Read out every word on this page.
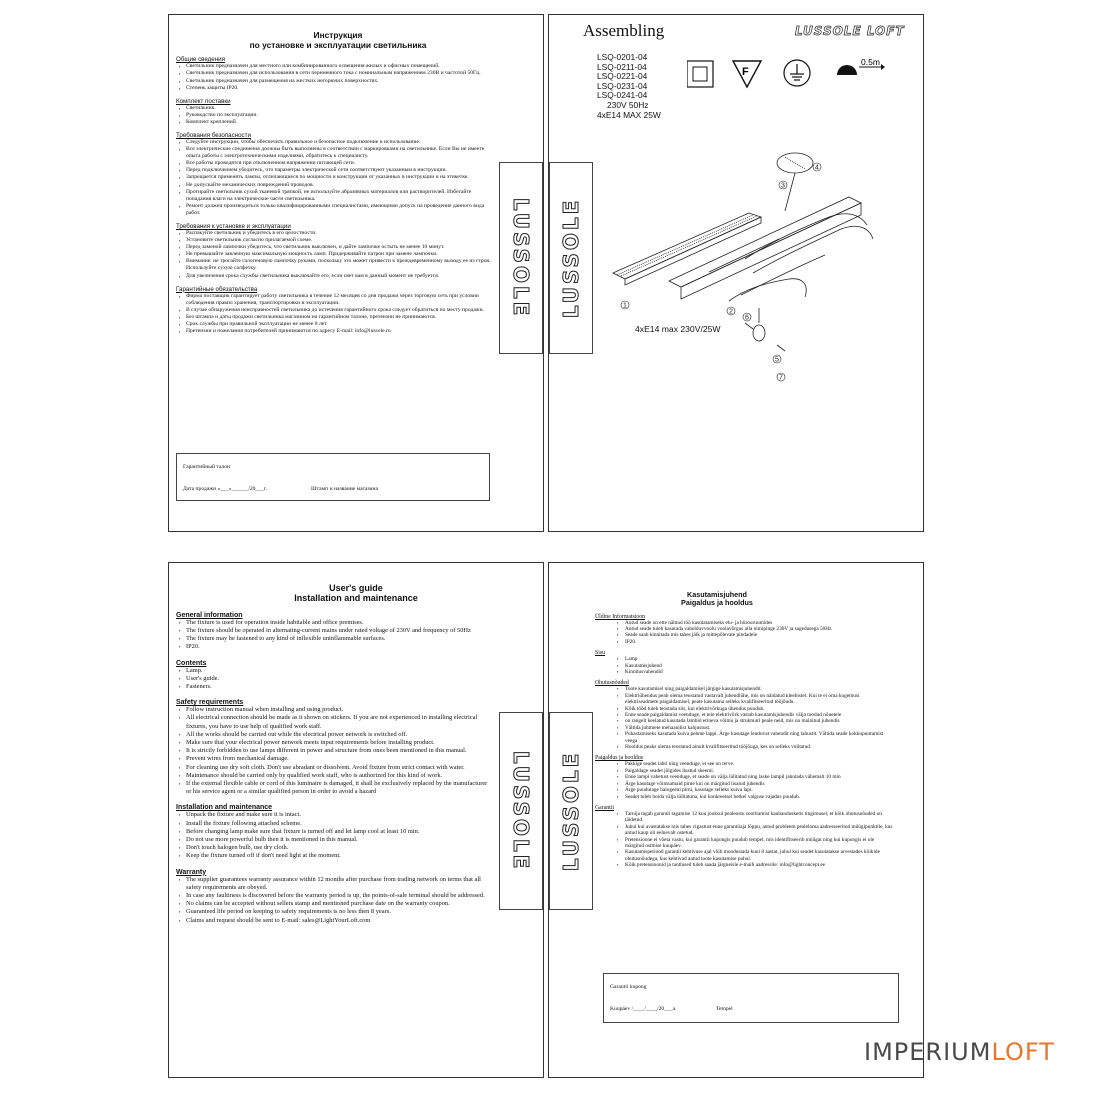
Инструкция
по установке и эксплуатации светильника
Общие сведения
▪ Светильник предназначен для местного или комбинированного освещения жилых и офисных помещений.
▪ Светильник предназначен для использования в сети переменного тока с номинальным напряжением 230В и частотой 50Гц.
▪ Светильник предназначен для размещения на жестких негорючих поверхностях.
▪ Степень защиты IP20.
Комплект поставки
▪ Светильник.
▪ Руководство по эксплуатации.
▪ Комплект креплений.
Требования безопасности
▪ Следуйте инструкции, чтобы обеспечить правильное и безопасное подключение и использование.
▪ Все электрические соединения должны быть выполнены в соответствии с маркировками на светильнике. Если Вы не имеете опыта работы с электротехническими изделиями, обратитесь к специалисту.
▪ Все работы проводятся при отключенном напряжении питающей сети.
▪ Перед подключением убедитесь, что параметры электрической сети соответствуют указанным в инструкции.
▪ Запрещается применять лампы, отличающиеся по мощности и конструкции от указанных в инструкции и на этикетке.
▪ Не допускайте механических повреждений проводов.
▪ Протирайте светильник сухой тканевой тряпкой, не используйте абразивных материалов или растворителей. Избегайте попадания влаги на электрические части светильника.
▪ Ремонт должен производиться только квалифицированными специалистами, имеющими допуск на проведение данного вида работ.
Требования к установке и эксплуатации
▪ Распакуйте светильник и убедитесь в его целостности.
▪ Установите светильник согласно прилагаемой схеме.
▪ Перед заменой лампочки убедитесь, что светильник выключен, и дайте лампочке остыть не менее 10 минут.
▪ Не превышайте завленную максимальную мощность ламп. Придерживайте патрон при замене лампочки.
▪ Внимание: не трогайте галогеновую лампочку руками, поскольку это может привести к преждевременному выходу ее из строя. Используйте сухую салфетку.
▪ Для увеличения срока службы светильника выключайте его, если свет вам в данный момент не требуется.
Гарантийные обязательства
▪ Фирма поставщик гарантирует работу светильника в течение 12 месяцев со дня продажи через торговую сеть при условии соблюдения правил хранения, транспортировки и эксплуатации.
▪ В случае обнаружения неисправностей светильника до истечения гарантийного срока следует обратиться по месту продажи.
▪ Без штампа и даты продажи светильника магазином на гарантийном талоне, претензии не принимаются.
▪ Срок службы при правильной эксплуатации не менее 8 лет.
▪ Претензии и пожелания потребителей принимаются по адресу E-mail: info@lussole.ru
Гарантийный талон
Дата продажи «___»______/20___г.	Штамп и название магазина
Assembling	LUSSOLE LOFT
LSQ-0201-04
LSQ-0211-04
LSQ-0221-04
LSQ-0231-04
LSQ-0241-04
230V 50Hz
4xE14 MAX 25W
F
0.5m
1
2
3
4
5
6
7
4xE14 max 230V/25W
User's guide
Installation and maintenance
General information
▪ The fixture is used for operation inside habitable and office premises.
▪ The fixture should be operated in alternating-current mains under rated voltage of 230V and frequency of 50Hz
▪ The fixture may be fastened to any kind of inflexible uninflammable surfaces.
▪ IP20.
Contents
▪ Lamp.
▪ User's guide.
▪ Fasteners.
Safety requirements
▪ Follow instruction manual when installing and using product.
▪ All electrical connection should be made as it shown on stickers. If you are not experienced in installing electrical fixtures, you have to use help of qualified work staff.
▪ All the works should be carried out while the electrical power network is switched off.
▪ Make sure that your electrical power network meets input requirements before installing product.
▪ It is strictly forbidden to use lamps different in power and structure from ones been mentioned in this manual.
▪ Prevent wires from mechanical damage.
▪ For cleaning use dry soft cloth. Don't use abradant or dissolvent. Avoid fixture from strict contact with water.
▪ Maintenance should be carried only by qualified work staff, who is authorized for this kind of work.
▪ If the external flexible cable or cord of this luminaire is damaged, it shall be exclusively replaced by the manufacturer or his service agent or a similar qualified person in order to avoid a hazard
Installation and maintenance
▪ Unpack the fixture and make sure it is intact.
▪ Install the fixture following attached scheme.
▪ Before changing lamp make sure that fixture is turned off and let lamp cool at least 10 min.
▪ Do not use more powerful bulb then it is mentioned in this manual.
▪ Don't touch halogen bulb, use dry cloth.
▪ Keep the fixture turned off if don't need light at the moment.
Warranty
▪ The supplier guarantees warranty assurance within 12 months after purchase from trading network on terms that all safety requirements are obeyed.
▪ In case any faultiness is discovered before the warranty period is up, the points-of-sale terminal should be addressed.
▪ No claims can be accepted without sellers stamp and mentioned purchase date on the warranty coupon.
▪ Guaranteed life period on keeping to safety requirements is no less then 8 years.
▪ Claims and request should be sent to E-mail: sales@LightYourLoft.com
Kasutamisjuhend
Paigaldus ja hooldus
Üldine Informatsioon
▪ Antud seade on ette nähtud töö kasutatamiseks elu- ja bürooruumides
▪ Antud seade tuleb kasutada vahelduvvoolu voolavõrgus alla nimipinge 230V ja sagedusega 50Hz
▪ Seade saab kinnitada mis tahes jäik ja mittepõlevate pindadele
▪ IP20.
Sisu
▪ Lamp
▪ Kasutamisjuhend
▪ Kinnitusvahendid
Ohutusnõuded
▪ Toote kasutamisel ning paigaldamisel järgige kasutamisjuhendit.
▪ Elektriühendus peab olema teostatud vastavalt juhendiühe, mis on näidatud kleebistel. Kui te ei oma kogemusi elektriseadmete paigaldamisel, peate kasutama selleks kvalifitseeritud tööjõudu.
▪ Kõik tööd tuleb teostada siis, kui elektrivõrkuga ühendus puudub.
▪ Enne seade paigaldamist veenduge, et teie elektrivõrk vastab kasutamisjuhendis välja toodud nõuetele
▪ on rangelt keelatud kasutada lambid erineva võimu ja struktuuri peale neid, mis on mainitud juhendis
▪ Vältida juhtmete mehaanilist kahjustust.
▪ Puhastamiseks kasutada kuiva pehme lappi. Ärge kasutage lenduvat vahendit ning lahustit. Vältida seade kokkupuutumist veega
▪ Hooldus peaks olema teostatud ainult kvalifitseeritud tööjõuga, kes on selleks volitatud.
Paigaldus ja hooldus
▪ Pakkige seadet lahti ning veenduge, et see on terve.
▪ Paigaldage seadet jõlgides lisatud skeemi.
▪ Enne lampi vahetust veenduge, et seade on välja lülitatud ning laske lampil jahutada vähemalt 10 min
▪ Ärge kasutage võimsamaid pirne kui on märgitud lisatud juhendis
▪ Ärge puudutage halogeeni pirni, kasutage selleks kuiva lapi.
▪ Seadet tuleb hoida välja lülitatuna, kui konkreetsel hetkel valguse vajadus puudub.
Garantii
▪ Tarnija tagab garantii tagamise 12 kuu jooksul pealeostu sooritamist kaubandusketis tingimusel, et kõik ohutusnõuded on täidetud.
▪ Juhul kui avastatakse mis tahes vigastust enne garantiiaja lõppu, antud probleem pealeloma aadresseeritud müügipunktile, kus antud kaup oli eelnevalt ostetud.
▪ Pretensioone ei võeta vastu, kui garantii kupongis puudub tempel, mis identifitseerib müügat ning kui kupongis ei ole märgitud ostmise kuupäev.
▪ Kasutamisperiood garantii kehtivuse ajal võib moodustada kuni 8 aastat, juhul kui seadet kasutatakse arvestades kõikide ohutusnõudega, kus kehtivad antud toote kasutamise puhul.
▪ Kõik pretensioonid ja taotlused tuleb saada järgneisle e-maili aadressile: info@lightconcept.ee
Garantii kupong
Kuupäev /____/____/20___a.	Tempel
LUSSOLE LUSSOLE
LUSSOLE LUSSOLE
IMPERIUMLOFT
